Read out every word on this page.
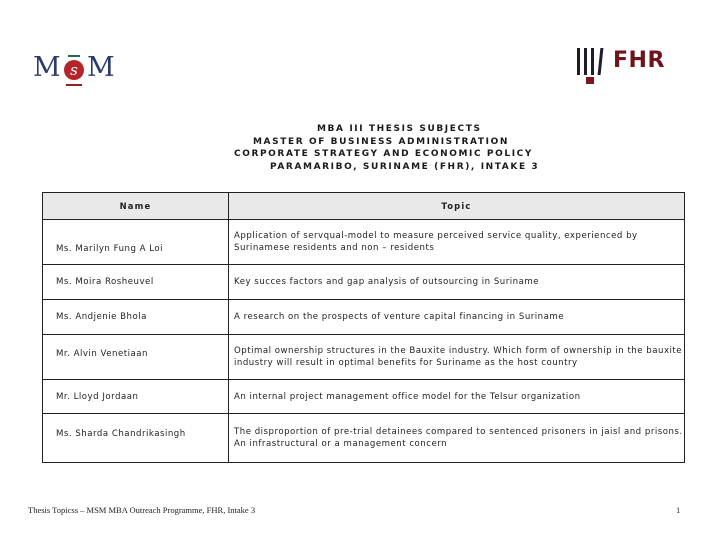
M s M	FHR
MBA III THESIS SUBJECTS
MASTER OF BUSINESS ADMINISTRATION
CORPORATE STRATEGY AND ECONOMIC POLICY
PARAMARIBO, SURINAME (FHR), INTAKE 3
Name	Topic
Ms. Marilyn Fung A Loi	Application of servqual-model to measure perceived service quality, experienced by
Surinamese residents and non – residents

Ms. Moira Rosheuvel	Key succes factors and gap analysis of outsourcing in Suriname

Ms. Andjenie Bhola	A research on the prospects of venture capital financing in Suriname

Mr. Alvin Venetiaan	Optimal ownership structures in the Bauxite industry. Which form of ownership in the bauxite
industry will result in optimal benefits for Suriname as the host country

Mr. Lloyd Jordaan	An internal project management office model for the Telsur organization

Ms. Sharda Chandrikasingh	The disproportion of pre-trial detainees compared to sentenced prisoners in jaisl and prisons.
An infrastructural or a management concern
Thesis Topicss – MSM MBA Outreach Programme, FHR, Intake 3	1
